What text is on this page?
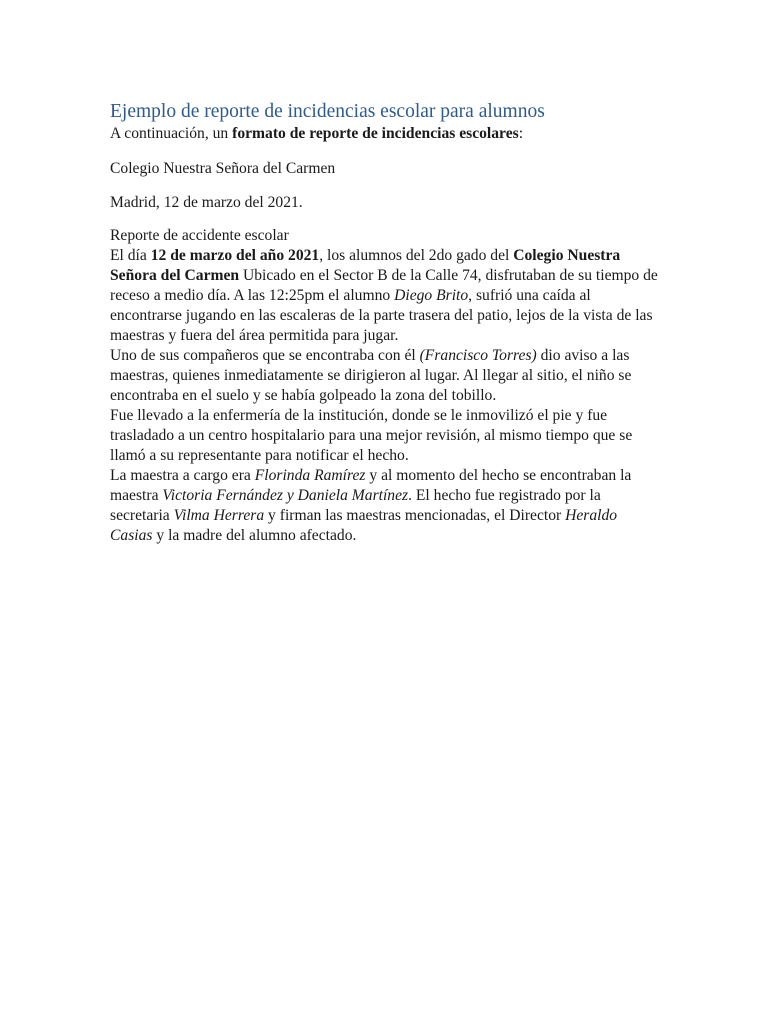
Ejemplo de reporte de incidencias escolar para alumnos

A continuación, un formato de reporte de incidencias escolares:

Colegio Nuestra Señora del Carmen

Madrid, 12 de marzo del 2021.

Reporte de accidente escolar

El día 12 de marzo del año 2021, los alumnos del 2do gado del Colegio Nuestra Señora del Carmen Ubicado en el Sector B de la Calle 74, disfrutaban de su tiempo de receso a medio día. A las 12:25pm el alumno Diego Brito, sufrió una caída al encontrarse jugando en las escaleras de la parte trasera del patio, lejos de la vista de las maestras y fuera del área permitida para jugar.

Uno de sus compañeros que se encontraba con él (Francisco Torres) dio aviso a las maestras, quienes inmediatamente se dirigieron al lugar. Al llegar al sitio, el niño se encontraba en el suelo y se había golpeado la zona del tobillo.

Fue llevado a la enfermería de la institución, donde se le inmovilizó el pie y fue trasladado a un centro hospitalario para una mejor revisión, al mismo tiempo que se llamó a su representante para notificar el hecho.

La maestra a cargo era Florinda Ramírez y al momento del hecho se encontraban la maestra Victoria Fernández y Daniela Martínez. El hecho fue registrado por la secretaria Vilma Herrera y firman las maestras mencionadas, el Director Heraldo Casias y la madre del alumno afectado.
